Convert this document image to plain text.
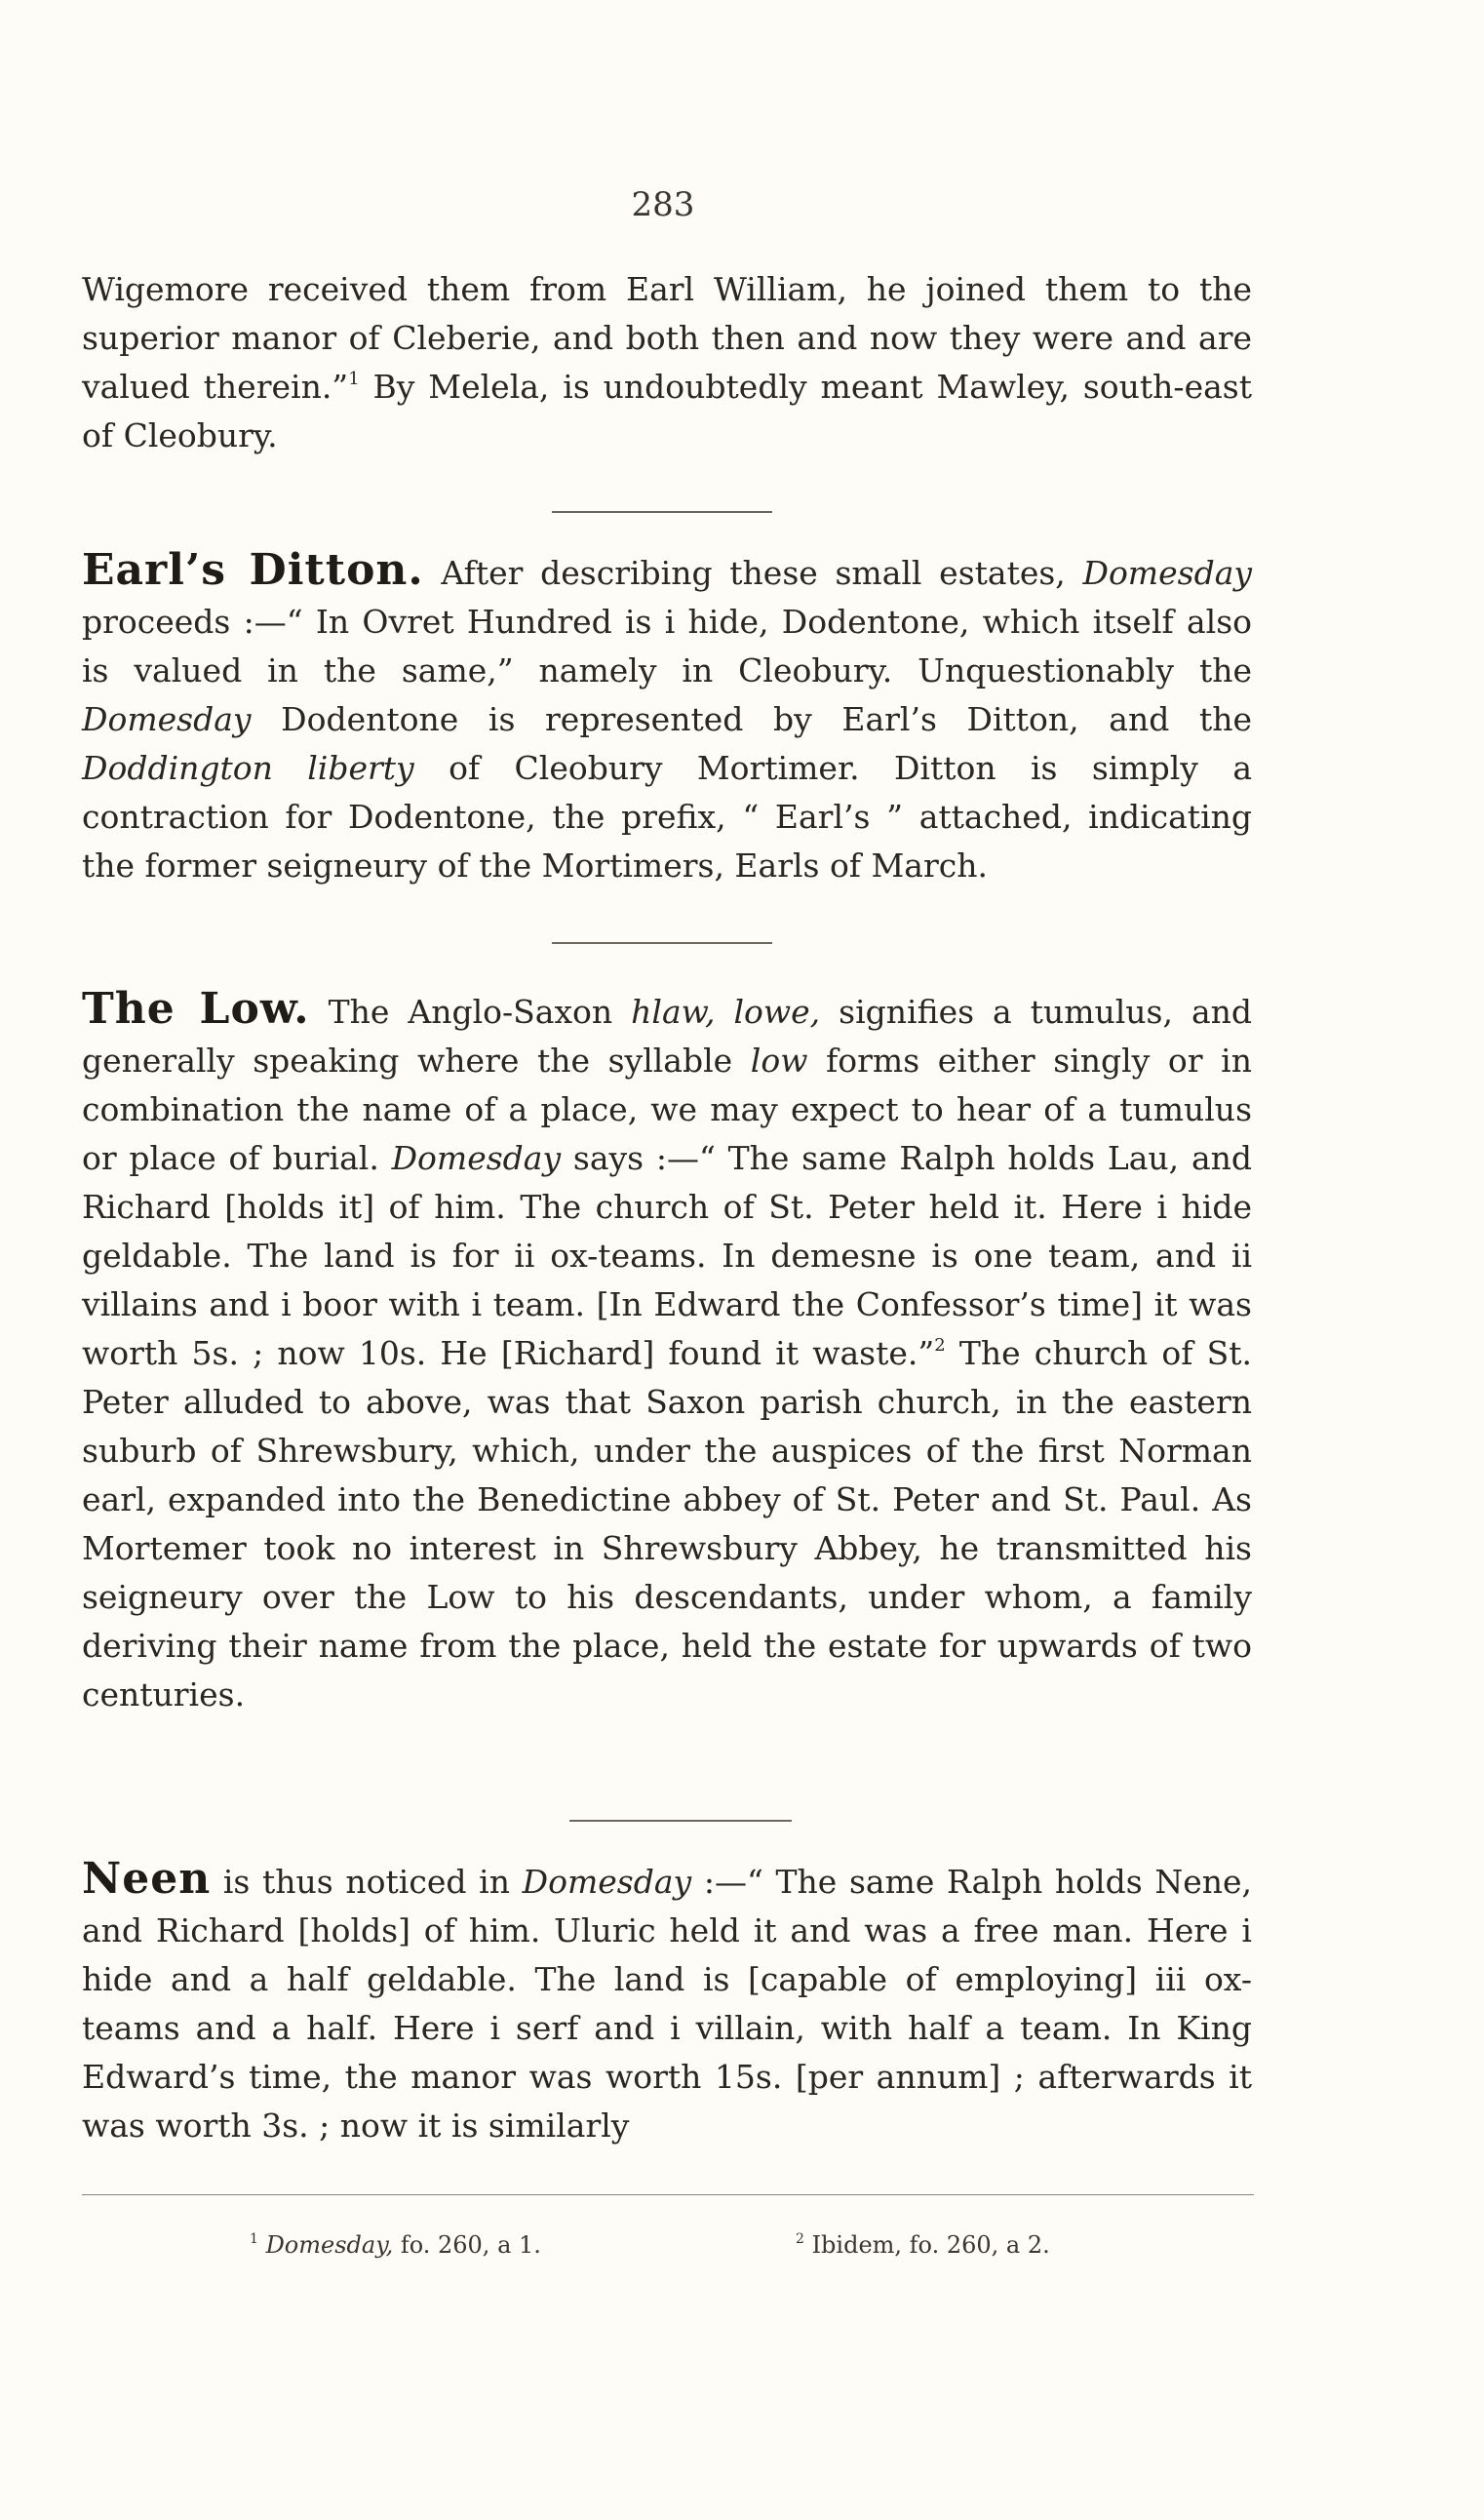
283

Wigemore received them from Earl William, he joined them to the superior manor of Cleberie, and both then and now they were and are valued therein.”$^1$ By Melela, is undoubtedly meant Mawley, south-east of Cleobury.

Earl’s Ditton. After describing these small estates, Domesday proceeds :—“ In Ovret Hundred is i hide, Dodentone, which itself also is valued in the same,” namely in Cleobury. Unquestionably the Domesday Dodentone is represented by Earl’s Ditton, and the Doddington liberty of Cleobury Mortimer. Ditton is simply a contraction for Dodentone, the prefix, “ Earl’s ” attached, indicating the former seigneury of the Mortimers, Earls of March.

The Low. The Anglo-Saxon hlaw, lowe, signifies a tumulus, and generally speaking where the syllable low forms either singly or in combination the name of a place, we may expect to hear of a tumulus or place of burial. Domesday says :—“ The same Ralph holds Lau, and Richard [holds it] of him. The church of St. Peter held it. Here i hide geldable. The land is for ii ox-teams. In demesne is one team, and ii villains and i boor with i team. [In Edward the Confessor’s time] it was worth 5s. ; now 10s. He [Richard] found it waste.”$^2$ The church of St. Peter alluded to above, was that Saxon parish church, in the eastern suburb of Shrewsbury, which, under the auspices of the first Norman earl, expanded into the Benedictine abbey of St. Peter and St. Paul. As Mortemer took no interest in Shrewsbury Abbey, he transmitted his seigneury over the Low to his descendants, under whom, a family deriving their name from the place, held the estate for upwards of two centuries.

Neen is thus noticed in Domesday :—“ The same Ralph holds Nene, and Richard [holds] of him. Uluric held it and was a free man. Here i hide and a half geldable. The land is [capable of employing] iii ox-teams and a half. Here i serf and i villain, with half a team. In King Edward’s time, the manor was worth 15s. [per annum] ; afterwards it was worth 3s. ; now it is similarly

$^1$ Domesday, fo. 260, a 1.	$^2$ Ibidem, fo. 260, a 2.
